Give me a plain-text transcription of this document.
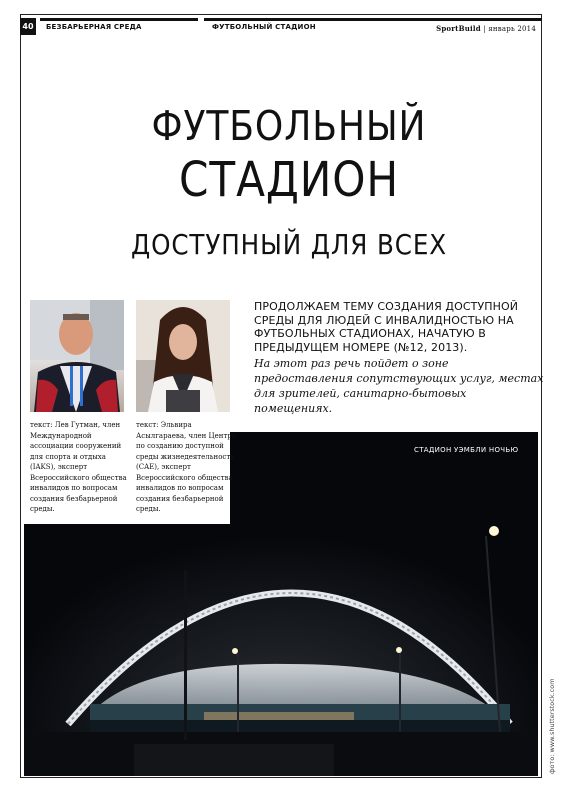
40	БЕЗБАРЬЕРНАЯ СРЕДА	ФУТБОЛЬНЫЙ СТАДИОН	SportBuild | январь 2014
ФУТБОЛЬНЫЙ
СТАДИОН
ДОСТУПНЫЙ ДЛЯ ВСЕХ
ПРОДОЛЖАЕМ ТЕМУ СОЗДАНИЯ ДОСТУПНОЙ СРЕДЫ ДЛЯ ЛЮДЕЙ С ИНВАЛИДНОСТЬЮ НА ФУТБОЛЬНЫХ СТАДИОНАХ, НАЧАТУЮ В ПРЕДЫДУЩЕМ НОМЕРЕ (№12, 2013).
На этот раз речь пойдет о зоне предоставления сопутствующих услуг, местах для зрителей, санитарно-бытовых помещениях.
текст: Лев Гутман, член Международной ассоциации сооружений для спорта и отдыха (IAKS), эксперт Всероссийского общества инвалидов по вопросам создания безбарьерной среды.
текст: Эльвира Асылгараева, член Центра по созданию доступной среды жизнедеятельности (CAE), эксперт Всероссийского общества инвалидов по вопросам создания безбарьерной среды.
СТАДИОН УЭМБЛИ НОЧЬЮ
фото: www.shutterstock.com
